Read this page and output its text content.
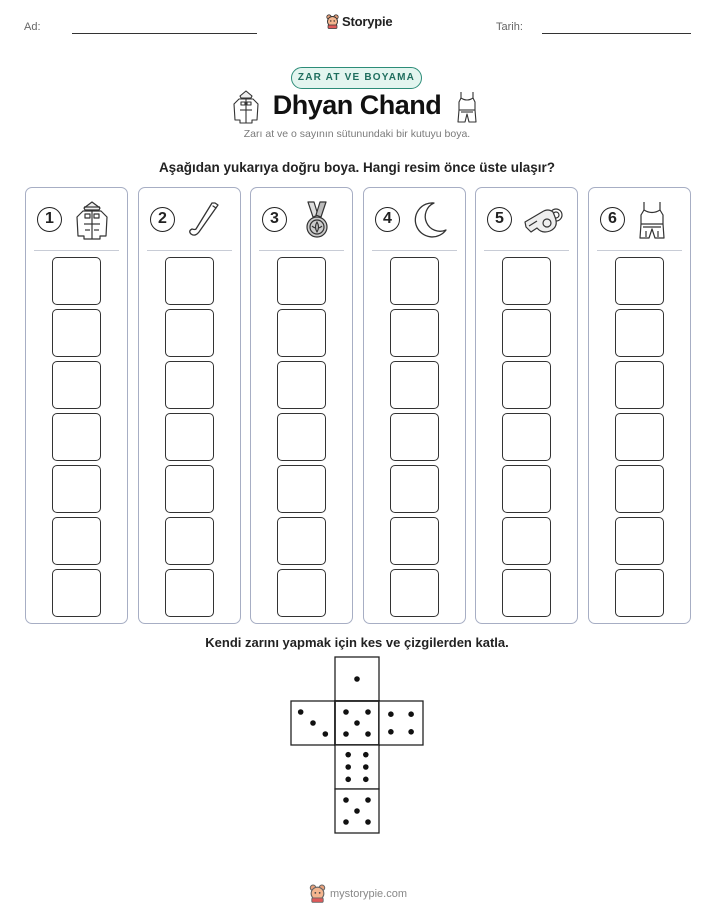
Ad:	Storypie	Tarih:
ZAR AT VE BOYAMA
Dhyan Chand
Zarı at ve o sayının sütunundaki bir kutuyu boya.
Aşağıdan yukarıya doğru boya. Hangi resim önce üste ulaşır?
1	2	3	4	5	6
Kendi zarını yapmak için kes ve çizgilerden katla.
mystorypie.com
